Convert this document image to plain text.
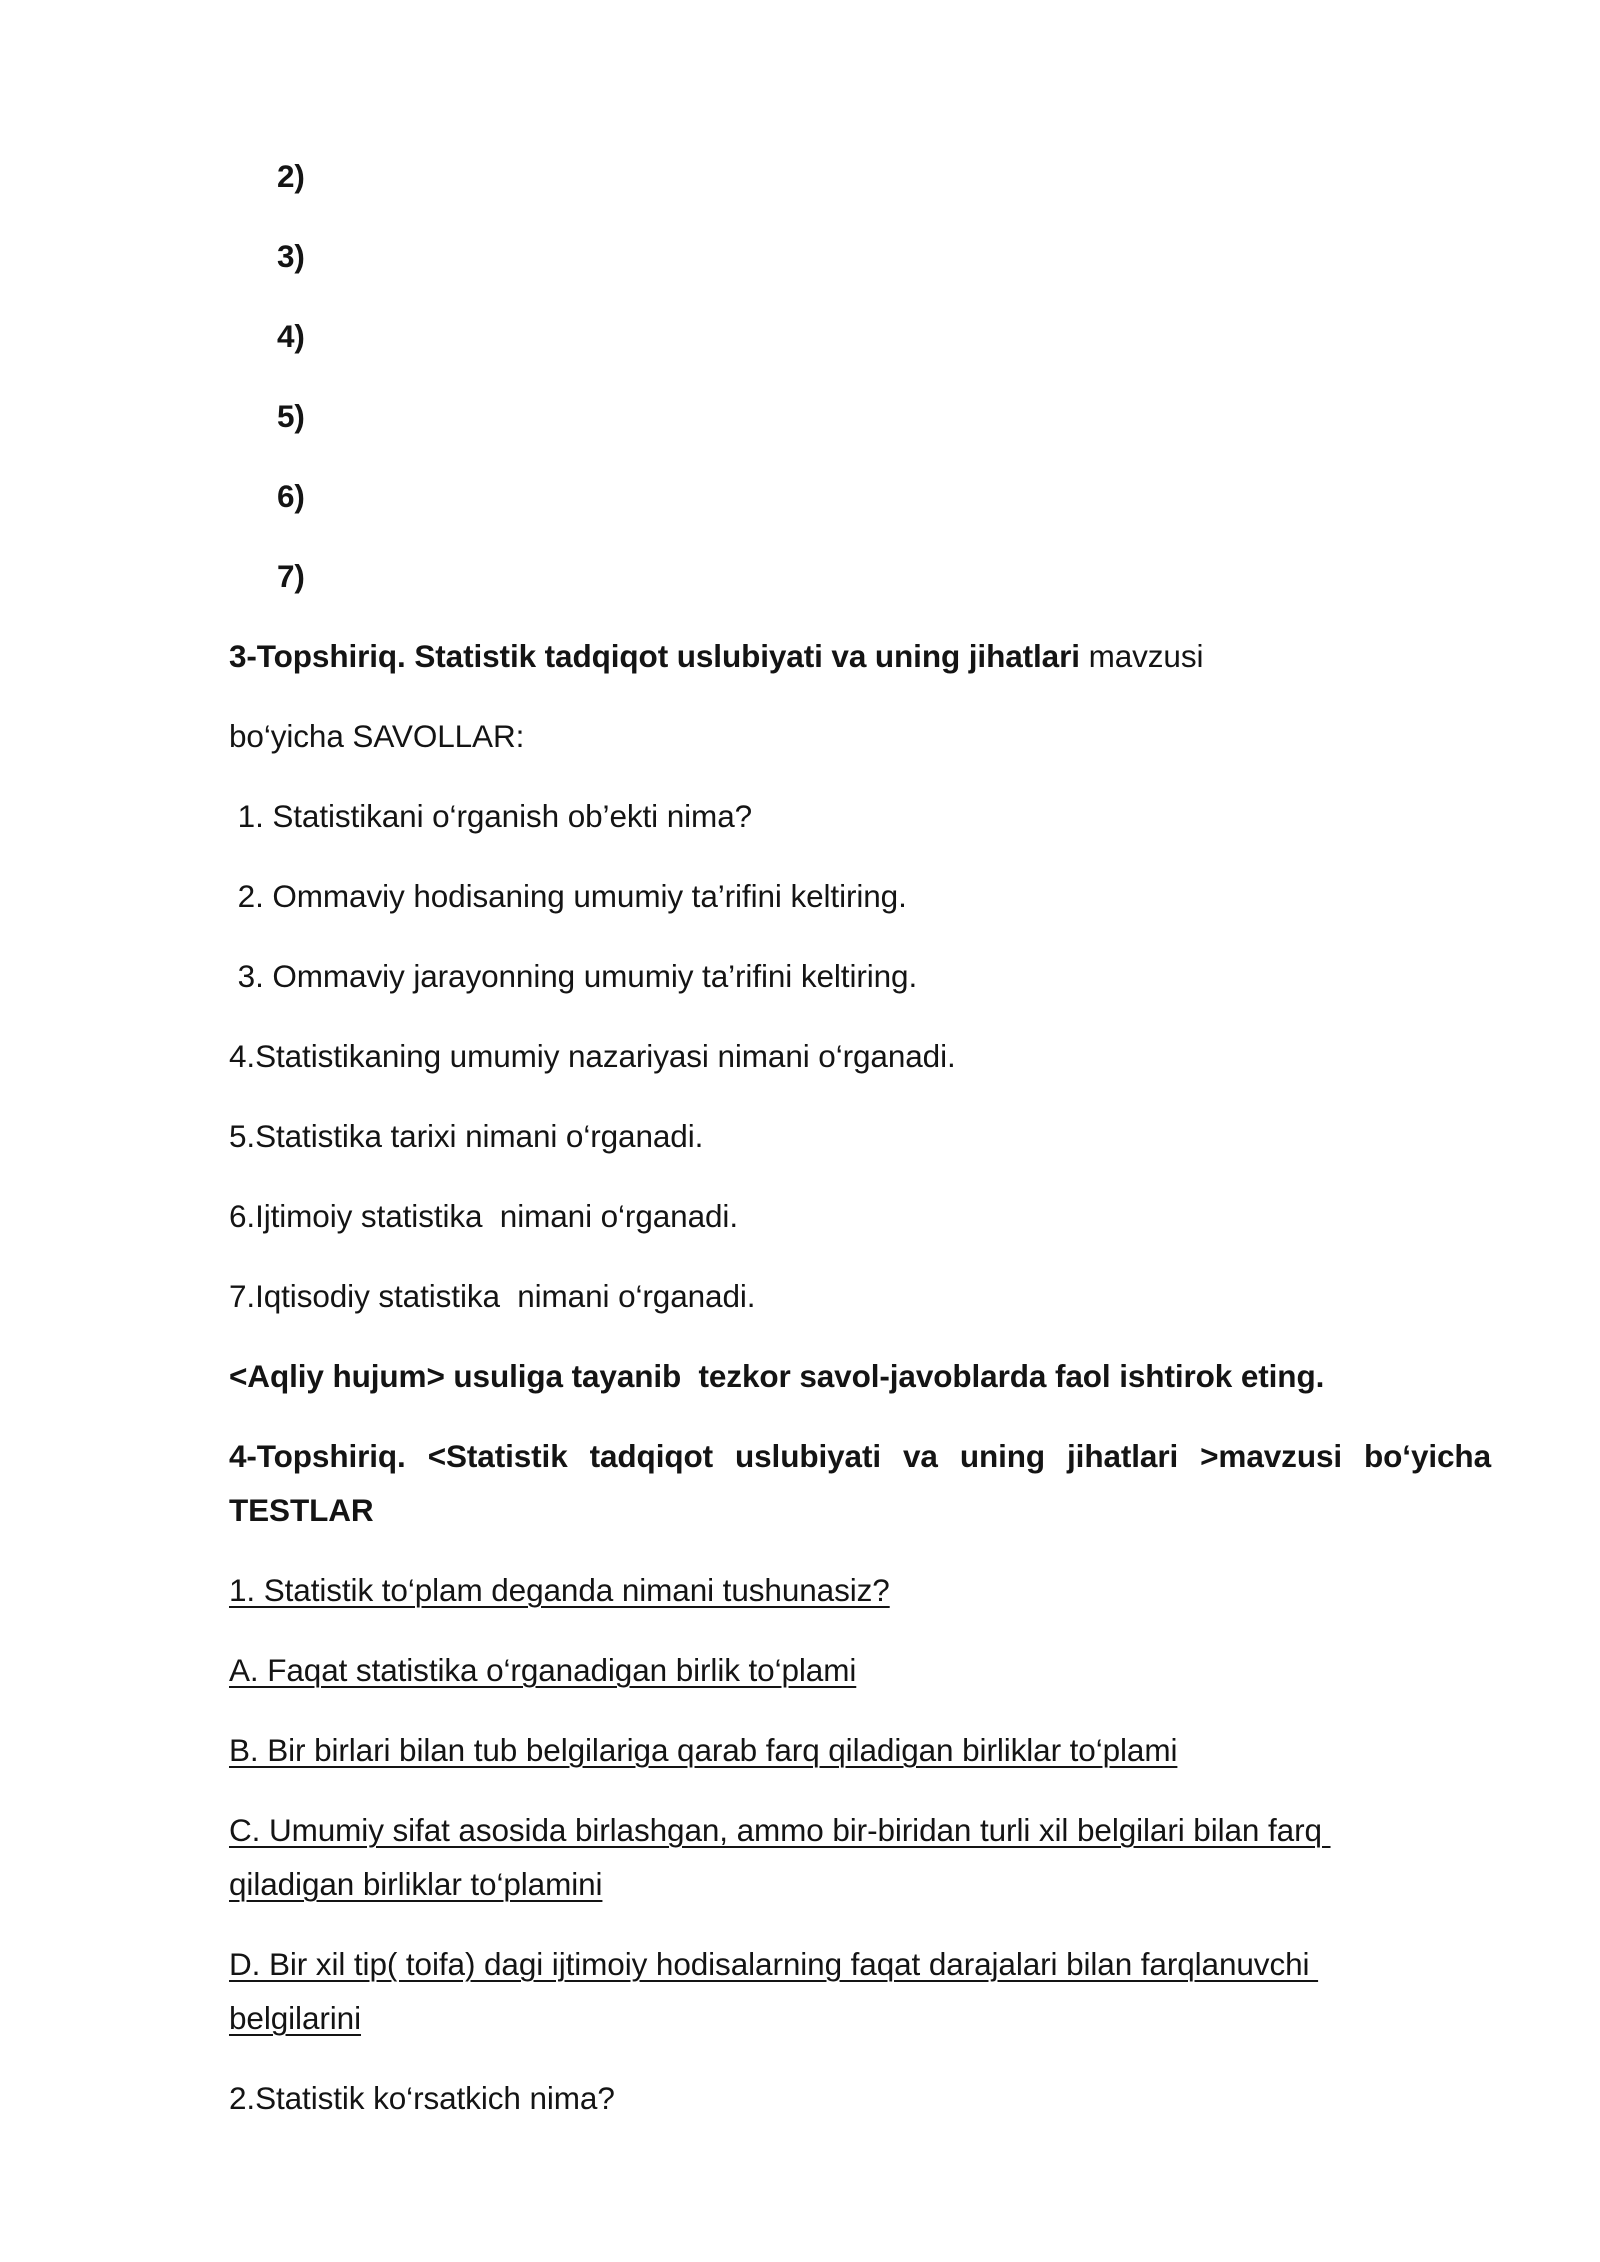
2)
3)
4)
5)
6)
7)
3-Topshiriq. Statistik tadqiqot uslubiyati va uning jihatlari mavzusi
bo‘yicha SAVOLLAR:
1. Statistikani o‘rganish ob’ekti nima?
2. Ommaviy hodisaning umumiy ta’rifini keltiring.
3. Ommaviy jarayonning umumiy ta’rifini keltiring.
4.Statistikaning umumiy nazariyasi nimani o‘rganadi.
5.Statistika tarixi nimani o‘rganadi.
6.Ijtimoiy statistika  nimani o‘rganadi.
7.Iqtisodiy statistika  nimani o‘rganadi.
<Aqliy hujum> usuliga tayanib  tezkor savol-javoblarda faol ishtirok eting.
4-Topshiriq. <Statistik tadqiqot uslubiyati va uning jihatlari >mavzusi bo‘yicha
TESTLAR
1. Statistik to‘plam deganda nimani tushunasiz?
A. Faqat statistika o‘rganadigan birlik to‘plami
B. Bir birlari bilan tub belgilariga qarab farq qiladigan birliklar to‘plami
C. Umumiy sifat asosida birlashgan, ammo bir-biridan turli xil belgilari bilan farq
qiladigan birliklar to‘plamini
D. Bir xil tip( toifa) dagi ijtimoiy hodisalarning faqat darajalari bilan farqlanuvchi
belgilarini
2.Statistik ko‘rsatkich nima?
